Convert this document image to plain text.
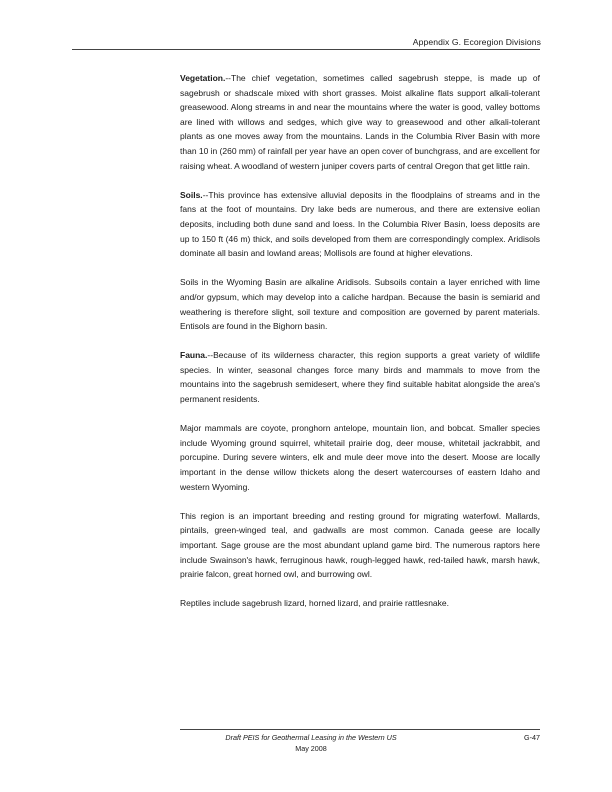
Appendix G. Ecoregion Divisions

Vegetation.--The chief vegetation, sometimes called sagebrush steppe, is made up of sagebrush or shadscale mixed with short grasses. Moist alkaline flats support alkali-tolerant greasewood. Along streams in and near the mountains where the water is good, valley bottoms are lined with willows and sedges, which give way to greasewood and other alkali-tolerant plants as one moves away from the mountains. Lands in the Columbia River Basin with more than 10 in (260 mm) of rainfall per year have an open cover of bunchgrass, and are excellent for raising wheat. A woodland of western juniper covers parts of central Oregon that get little rain.

Soils.--This province has extensive alluvial deposits in the floodplains of streams and in the fans at the foot of mountains. Dry lake beds are numerous, and there are extensive eolian deposits, including both dune sand and loess. In the Columbia River Basin, loess deposits are up to 150 ft (46 m) thick, and soils developed from them are correspondingly complex. Aridisols dominate all basin and lowland areas; Mollisols are found at higher elevations.

Soils in the Wyoming Basin are alkaline Aridisols. Subsoils contain a layer enriched with lime and/or gypsum, which may develop into a caliche hardpan. Because the basin is semiarid and weathering is therefore slight, soil texture and composition are governed by parent materials. Entisols are found in the Bighorn basin.

Fauna.--Because of its wilderness character, this region supports a great variety of wildlife species. In winter, seasonal changes force many birds and mammals to move from the mountains into the sagebrush semidesert, where they find suitable habitat alongside the area's permanent residents.

Major mammals are coyote, pronghorn antelope, mountain lion, and bobcat. Smaller species include Wyoming ground squirrel, whitetail prairie dog, deer mouse, whitetail jackrabbit, and porcupine. During severe winters, elk and mule deer move into the desert. Moose are locally important in the dense willow thickets along the desert watercourses of eastern Idaho and western Wyoming.

This region is an important breeding and resting ground for migrating waterfowl. Mallards, pintails, green-winged teal, and gadwalls are most common. Canada geese are locally important. Sage grouse are the most abundant upland game bird. The numerous raptors here include Swainson's hawk, ferruginous hawk, rough-legged hawk, red-tailed hawk, marsh hawk, prairie falcon, great horned owl, and burrowing owl.

Reptiles include sagebrush lizard, horned lizard, and prairie rattlesnake.

Draft PEIS for Geothermal Leasing in the Western US
May 2008
G-47
